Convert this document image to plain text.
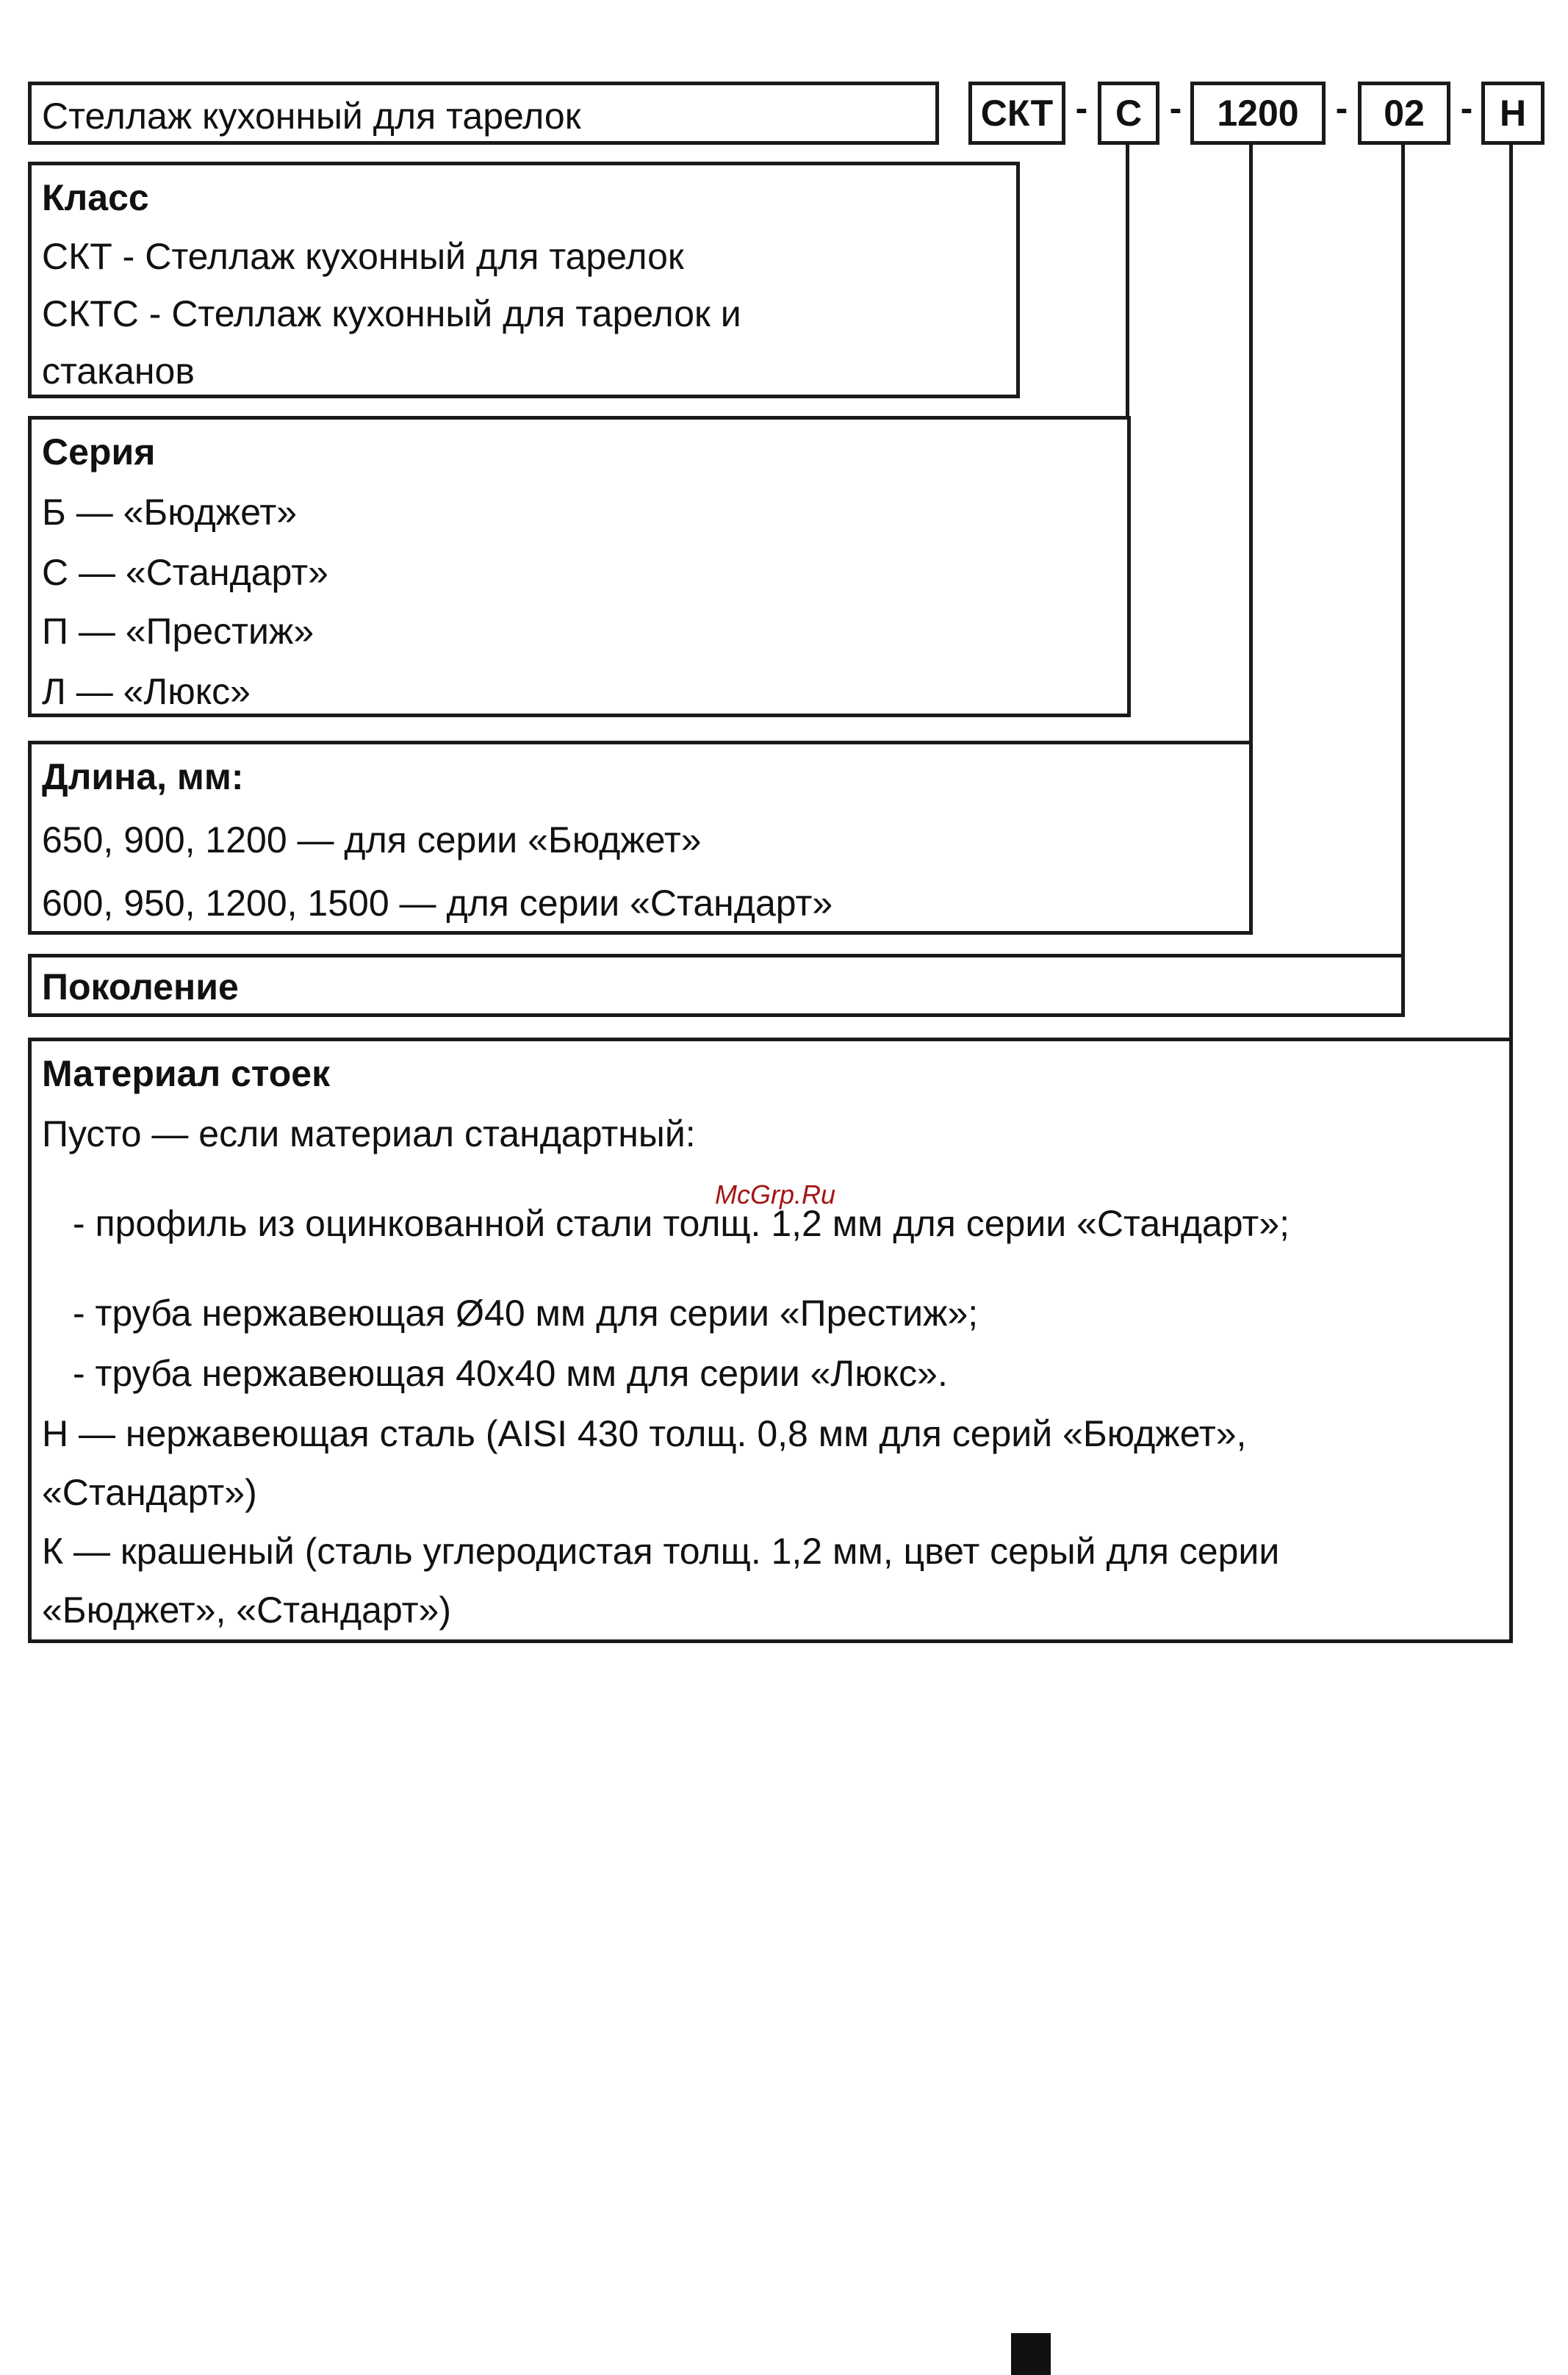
Стеллаж кухонный для тарелок	СКТ - С - 1200	- 02 - Н
Класс
СКТ - Стеллаж кухонный для тарелок
СКТС - Стеллаж кухонный для тарелок и
стаканов
Серия
Б — «Бюджет»
С — «Стандарт»
П — «Престиж»
Л — «Люкс»
Длина, мм:
650, 900, 1200 — для серии «Бюджет»
600, 950, 1200, 1500 — для серии «Стандарт»
Поколение
Материал стоек
Пусто — если материал стандартный:
- профиль из оцинкованной стали толщ. 1,2 мм для серии «Стандарт»;
- труба нержавеющая Ø40 мм для серии «Престиж»;
- труба нержавеющая 40х40 мм для серии «Люкс».
Н — нержавеющая сталь (AISI 430 толщ. 0,8 мм для серий «Бюджет»,
«Стандарт»)
К — крашеный (сталь углеродистая толщ. 1,2 мм, цвет серый для серии
«Бюджет», «Стандарт»)
McGrp.Ru
